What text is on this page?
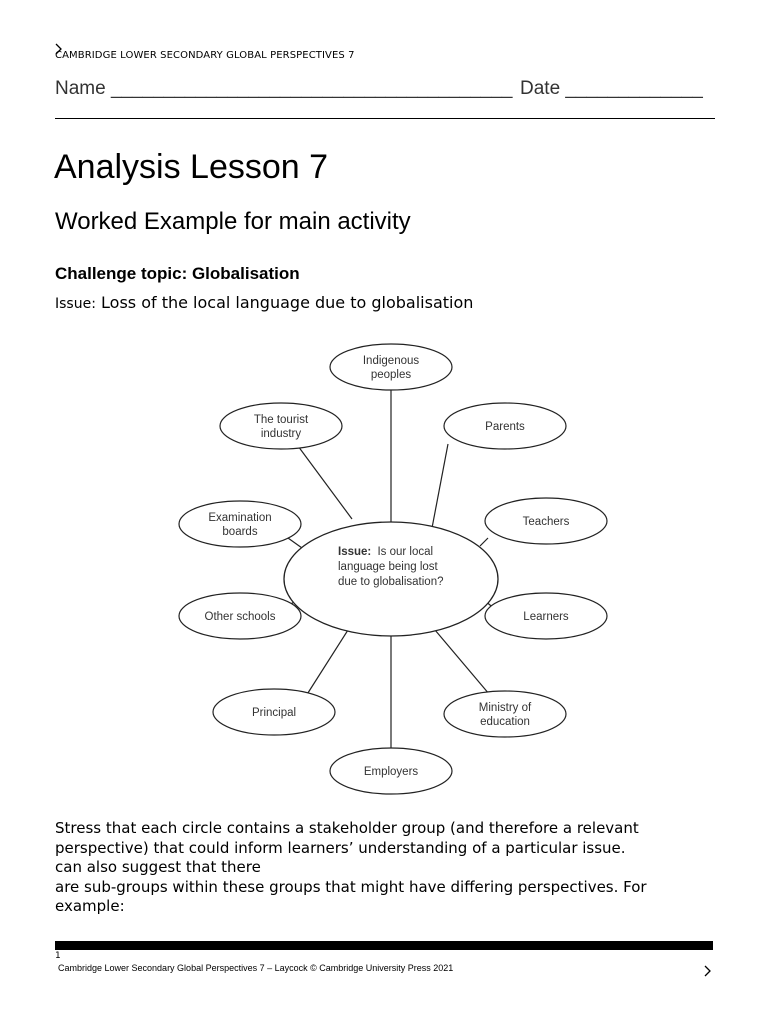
CAMBRIDGE LOWER SECONDARY GLOBAL PERSPECTIVES 7
Name ______________________________________ Date _____________
Analysis Lesson 7
Worked Example for main activity
Challenge topic: Globalisation
Issue: Loss of the local language due to globalisation
Indigenous
peoples
Parents
Teachers
Learners
Ministry of
education
Employers
Principal
Other schools
Examination
boards
The tourist
industry
Issue: Is our local
language being lost
due to globalisation?
Stress that each circle contains a stakeholder group (and therefore a relevant
perspective) that could inform learners’ understanding of a particular issue.
can also suggest that there
are sub-groups within these groups that might have differing perspectives. For
example:
1
Cambridge Lower Secondary Global Perspectives 7 – Laycock © Cambridge University Press 2021
